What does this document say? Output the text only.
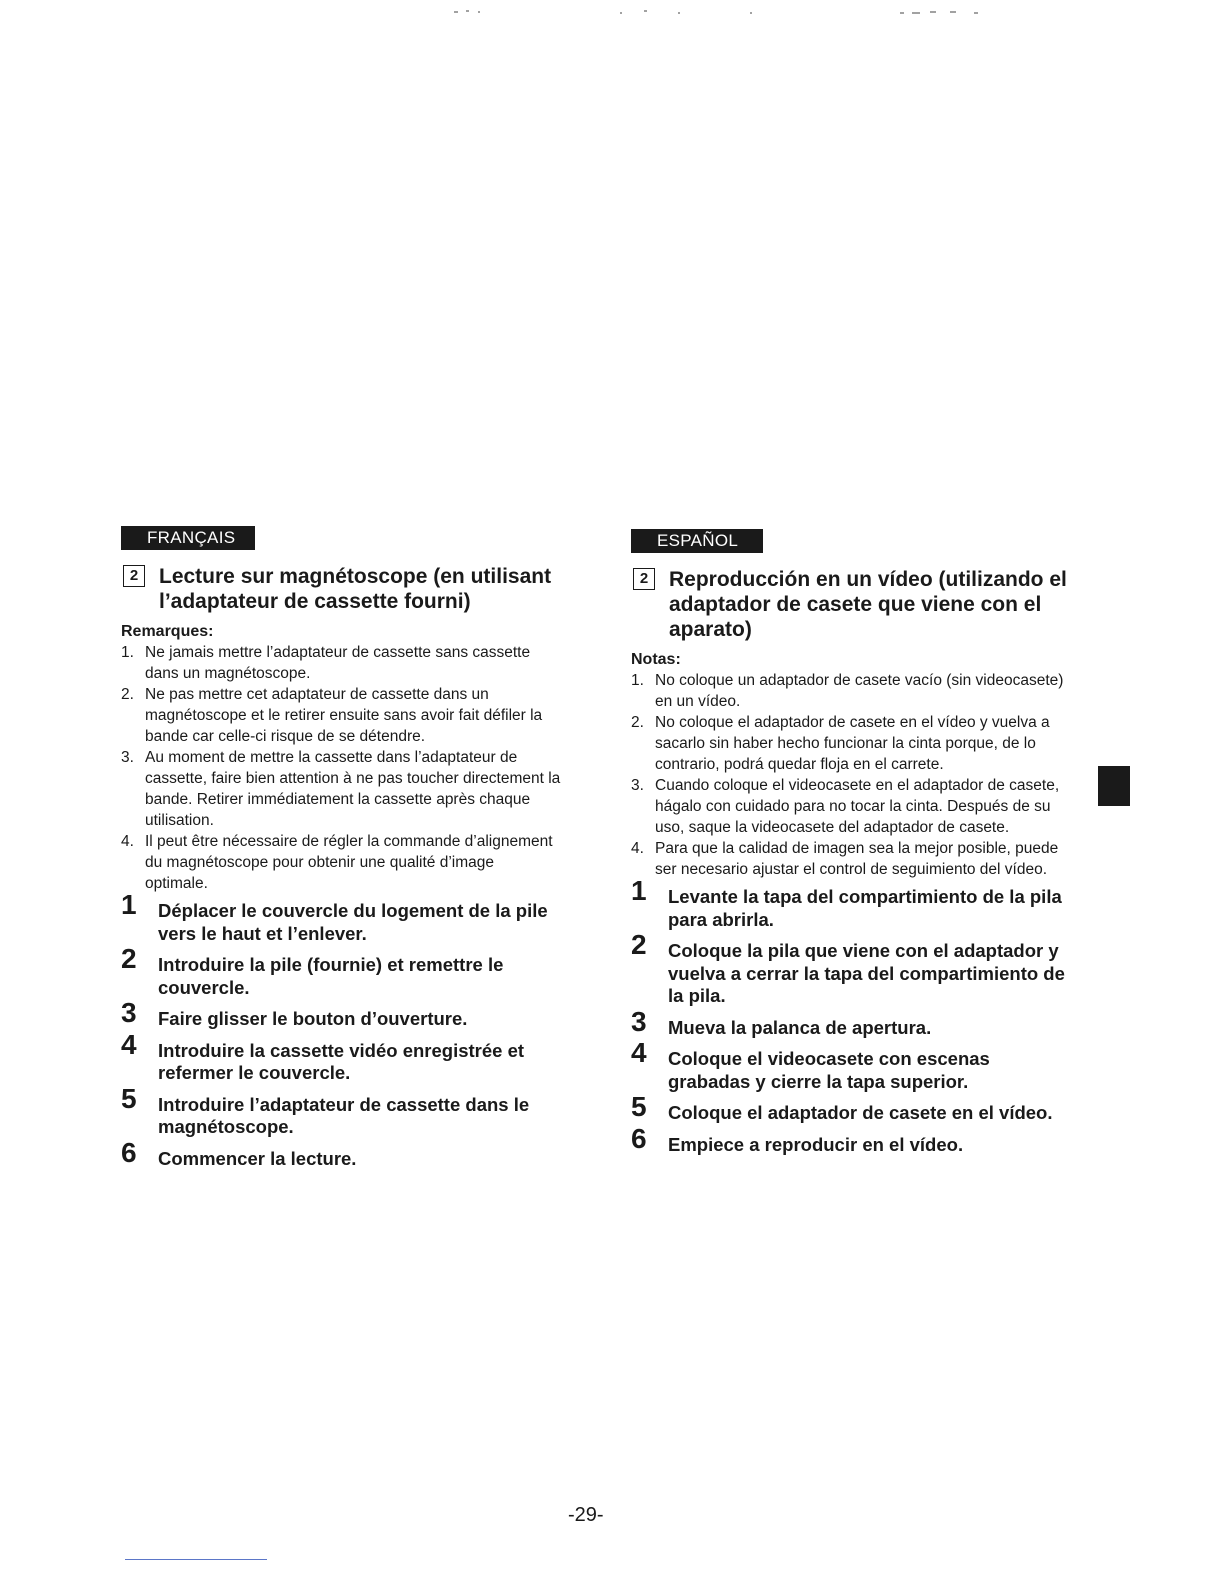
FRANÇAIS
2 Lecture sur magnétoscope (en utilisant l’adaptateur de cassette fourni)
Remarques:
1. Ne jamais mettre l’adaptateur de cassette sans cassette dans un magnétoscope.
2. Ne pas mettre cet adaptateur de cassette dans un magnétoscope et le retirer ensuite sans avoir fait défiler la bande car celle-ci risque de se détendre.
3. Au moment de mettre la cassette dans l’adaptateur de cassette, faire bien attention à ne pas toucher directement la bande. Retirer immédiatement la cassette après chaque utilisation.
4. Il peut être nécessaire de régler la commande d’alignement du magnétoscope pour obtenir une qualité d’image optimale.
1 Déplacer le couvercle du logement de la pile vers le haut et l’enlever.
2 Introduire la pile (fournie) et remettre le couvercle.
3 Faire glisser le bouton d’ouverture.
4 Introduire la cassette vidéo enregistrée et refermer le couvercle.
5 Introduire l’adaptateur de cassette dans le magnétoscope.
6 Commencer la lecture.
ESPAÑOL
2 Reproducción en un vídeo (utilizando el adaptador de casete que viene con el aparato)
Notas:
1. No coloque un adaptador de casete vacío (sin videocasete) en un vídeo.
2. No coloque el adaptador de casete en el vídeo y vuelva a sacarlo sin haber hecho funcionar la cinta porque, de lo contrario, podrá quedar floja en el carrete.
3. Cuando coloque el videocasete en el adaptador de casete, hágalo con cuidado para no tocar la cinta. Después de su uso, saque la videocasete del adaptador de casete.
4. Para que la calidad de imagen sea la mejor posible, puede ser necesario ajustar el control de seguimiento del vídeo.
1 Levante la tapa del compartimiento de la pila para abrirla.
2 Coloque la pila que viene con el adaptador y vuelva a cerrar la tapa del compartimiento de la pila.
3 Mueva la palanca de apertura.
4 Coloque el videocasete con escenas grabadas y cierre la tapa superior.
5 Coloque el adaptador de casete en el vídeo.
6 Empiece a reproducir en el vídeo.
-29-
